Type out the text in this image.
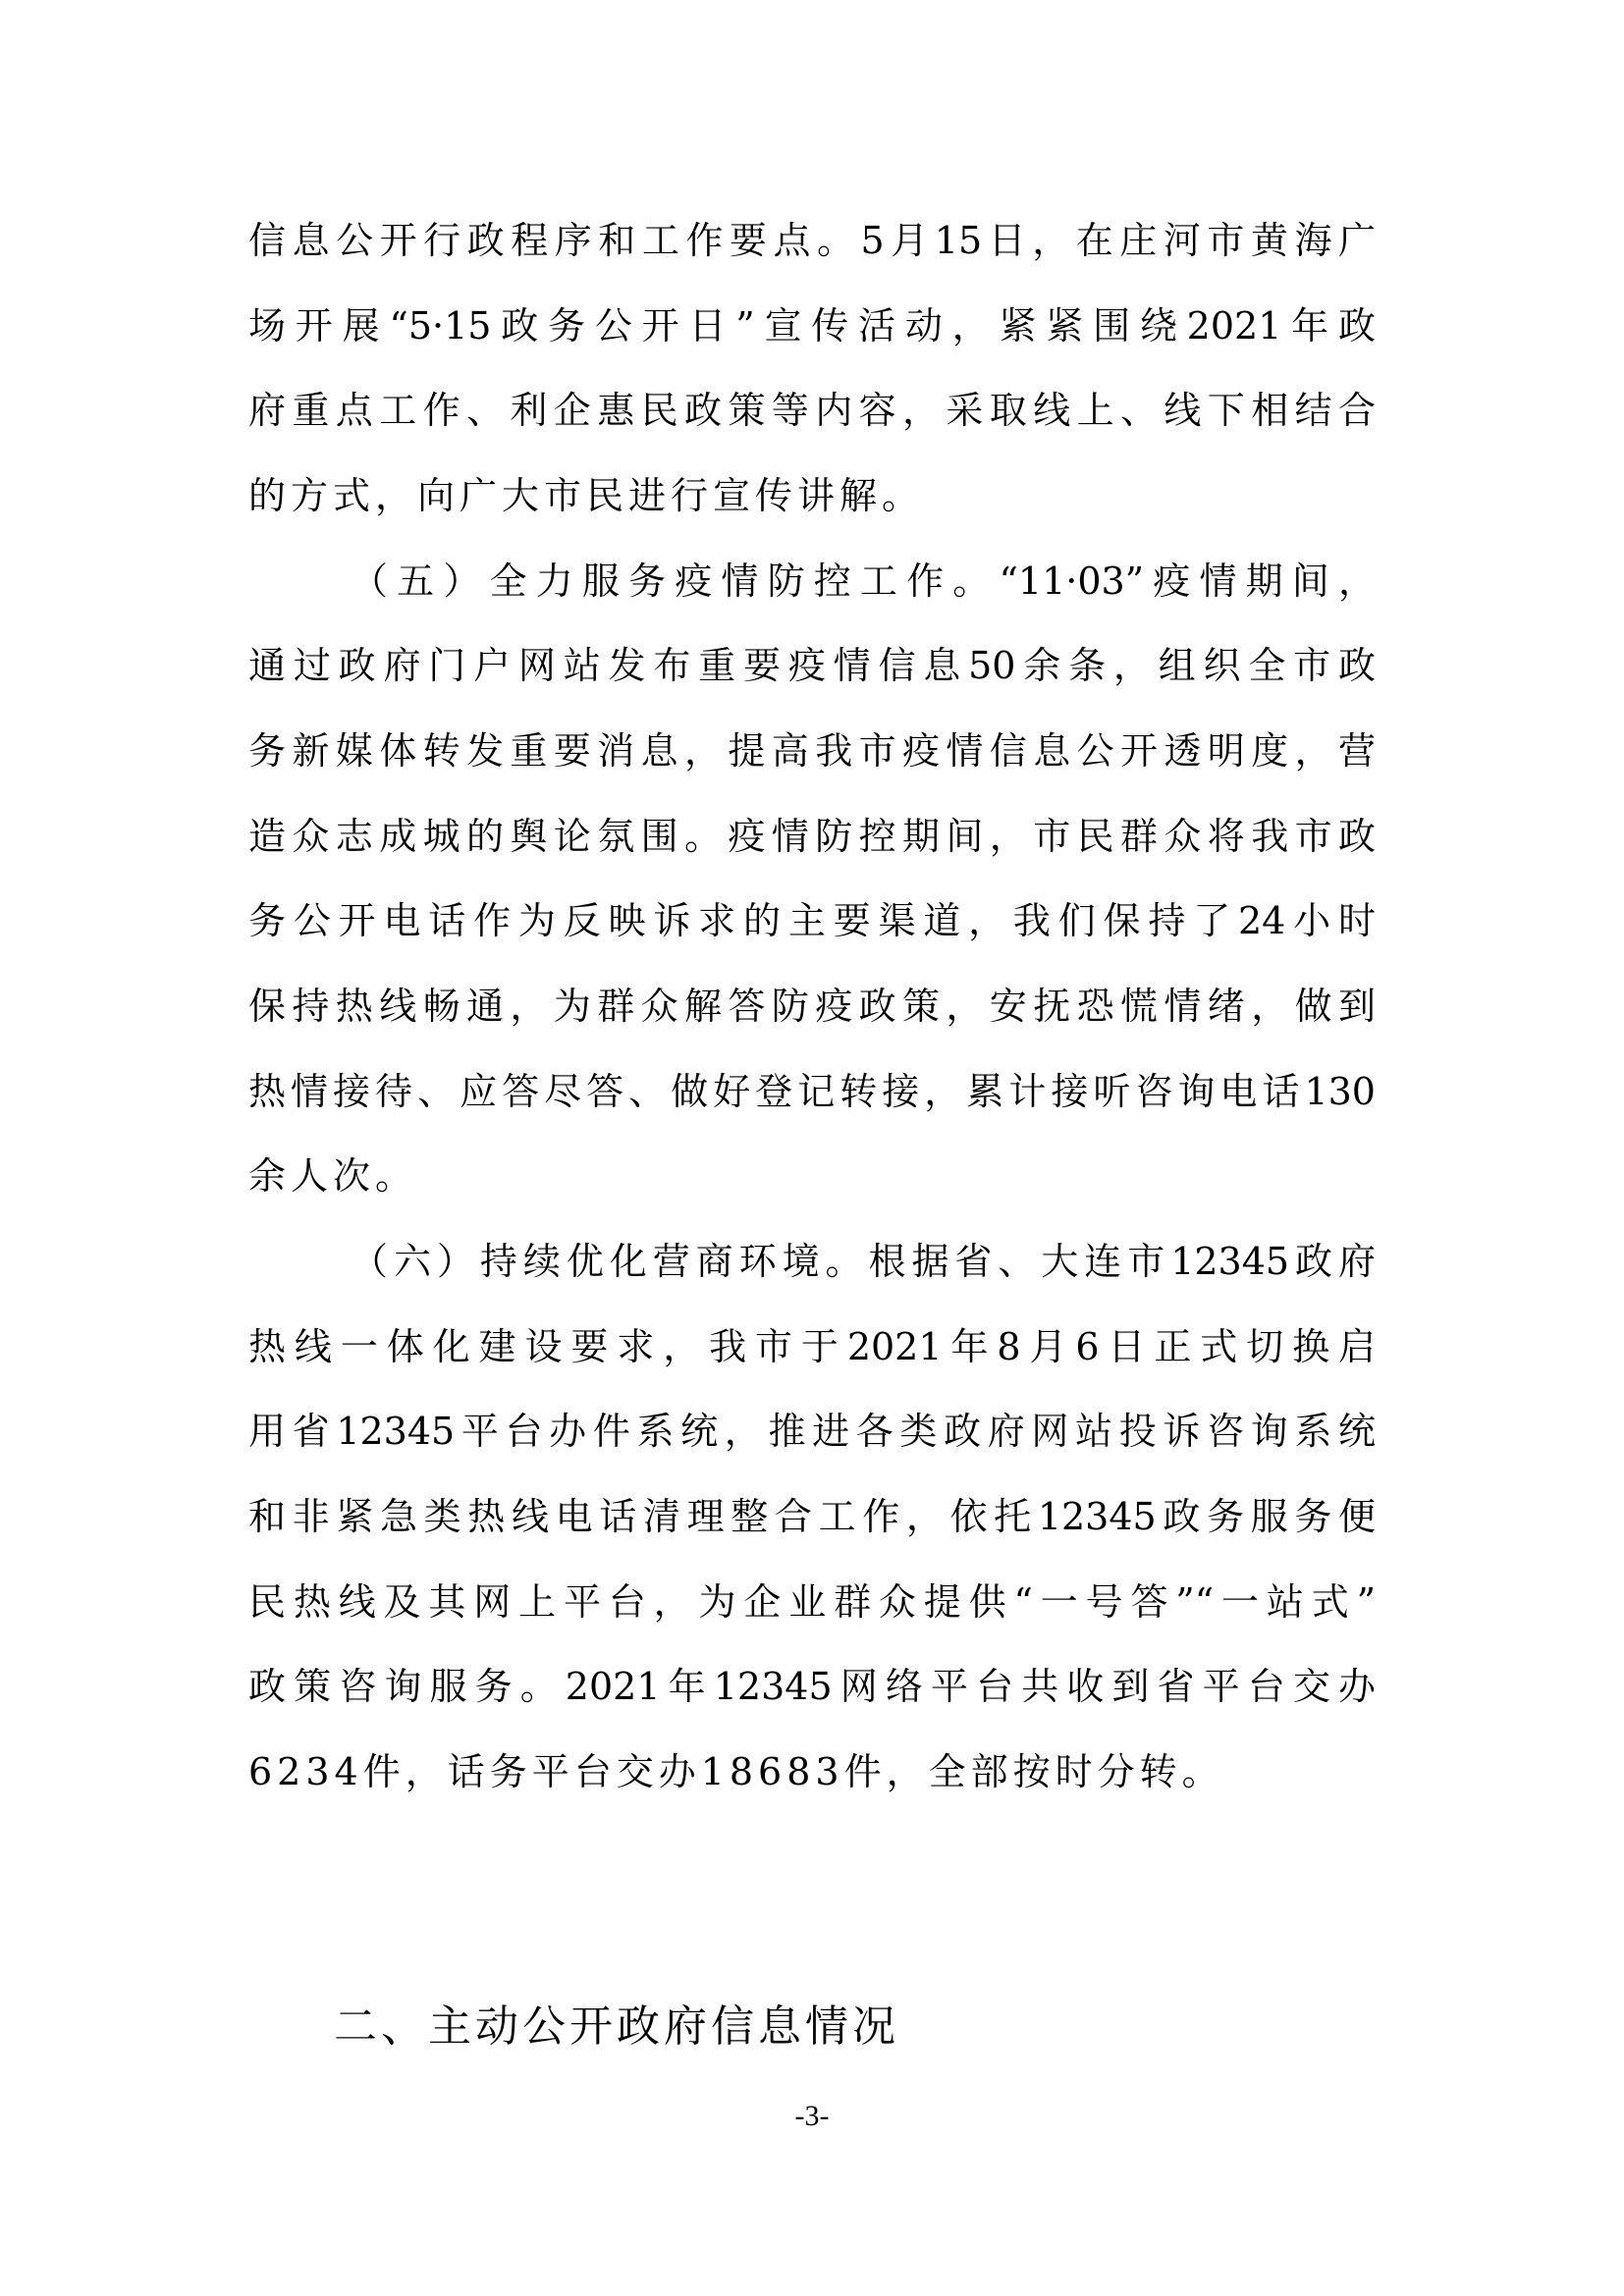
信息公开行政程序和工作要点。5月15日，在庄河市黄海广
场开展“5·15政务公开日”宣传活动，紧紧围绕2021年政
府重点工作、利企惠民政策等内容，采取线上、线下相结合
的方式，向广大市民进行宣传讲解。
（五）全力服务疫情防控工作。“11·03”疫情期间，
通过政府门户网站发布重要疫情信息50余条，组织全市政
务新媒体转发重要消息，提高我市疫情信息公开透明度，营
造众志成城的舆论氛围。疫情防控期间，市民群众将我市政
务公开电话作为反映诉求的主要渠道，我们保持了24小时
保持热线畅通，为群众解答防疫政策，安抚恐慌情绪，做到
热情接待、应答尽答、做好登记转接，累计接听咨询电话130
余人次。
（六）持续优化营商环境。根据省、大连市12345政府
热线一体化建设要求，我市于2021年8月6日正式切换启
用省12345平台办件系统，推进各类政府网站投诉咨询系统
和非紧急类热线电话清理整合工作，依托12345政务服务便
民热线及其网上平台，为企业群众提供“一号答”“一站式”
政策咨询服务。2021年12345网络平台共收到省平台交办
6234件，话务平台交办18683件，全部按时分转。
二、主动公开政府信息情况
-3-
